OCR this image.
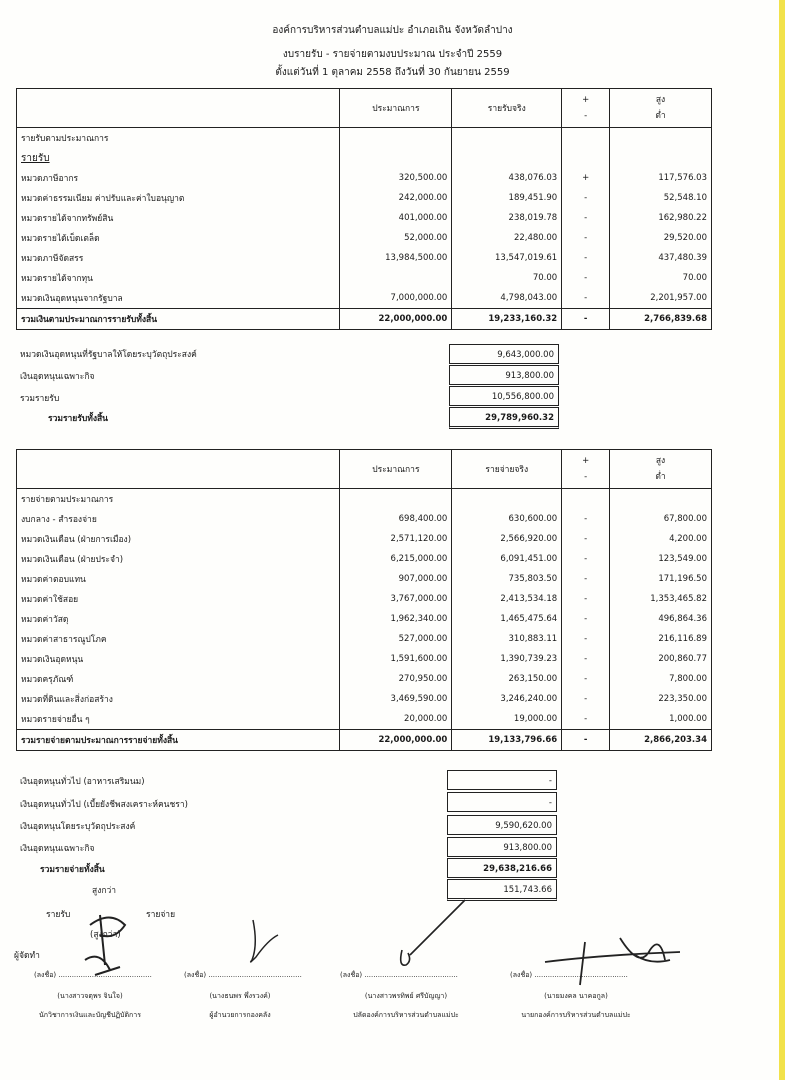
องค์การบริหารส่วนตำบลแม่ปะ อำเภอเถิน จังหวัดลำปาง
งบรายรับ - รายจ่ายตามงบประมาณ ประจำปี 2559
ตั้งแต่วันที่ 1 ตุลาคม 2558 ถึงวันที่ 30 กันยายน 2559
	ประมาณการ	รายรับจริง	+
-	สูง
ต่ำ

รายรับตามประมาณการ				
รายรับ				
หมวดภาษีอากร	320,500.00	438,076.03	+	117,576.03
หมวดค่าธรรมเนียม ค่าปรับและค่าใบอนุญาต	242,000.00	189,451.90	-	52,548.10
หมวดรายได้จากทรัพย์สิน	401,000.00	238,019.78	-	162,980.22
หมวดรายได้เบ็ดเตล็ด	52,000.00	22,480.00	-	29,520.00
หมวดภาษีจัดสรร	13,984,500.00	13,547,019.61	-	437,480.39
หมวดรายได้จากทุน		70.00	-	70.00
หมวดเงินอุดหนุนจากรัฐบาล	7,000,000.00	4,798,043.00	-	2,201,957.00
รวมเงินตามประมาณการรายรับทั้งสิ้น	22,000,000.00	19,233,160.32	-	2,766,839.68
หมวดเงินอุดหนุนที่รัฐบาลให้โดยระบุวัตถุประสงค์	9,643,000.00
เงินอุดหนุนเฉพาะกิจ	913,800.00
รวมรายรับ	10,556,800.00
รวมรายรับทั้งสิ้น	29,789,960.32
	ประมาณการ	รายจ่ายจริง	+
-	สูง
ต่ำ

รายจ่ายตามประมาณการ				
งบกลาง - สำรองจ่าย	698,400.00	630,600.00	-	67,800.00
หมวดเงินเดือน (ฝ่ายการเมือง)	2,571,120.00	2,566,920.00	-	4,200.00
หมวดเงินเดือน (ฝ่ายประจำ)	6,215,000.00	6,091,451.00	-	123,549.00
หมวดค่าตอบแทน	907,000.00	735,803.50	-	171,196.50
หมวดค่าใช้สอย	3,767,000.00	2,413,534.18	-	1,353,465.82
หมวดค่าวัสดุ	1,962,340.00	1,465,475.64	-	496,864.36
หมวดค่าสาธารณูปโภค	527,000.00	310,883.11	-	216,116.89
หมวดเงินอุดหนุน	1,591,600.00	1,390,739.23	-	200,860.77
หมวดครุภัณฑ์	270,950.00	263,150.00	-	7,800.00
หมวดที่ดินและสิ่งก่อสร้าง	3,469,590.00	3,246,240.00	-	223,350.00
หมวดรายจ่ายอื่น ๆ	20,000.00	19,000.00	-	1,000.00
รวมรายจ่ายตามประมาณการรายจ่ายทั้งสิ้น	22,000,000.00	19,133,796.66	-	2,866,203.34
เงินอุดหนุนทั่วไป (อาหารเสริมนม)	-
เงินอุดหนุนทั่วไป (เบี้ยยังชีพสงเคราะห์คนชรา)	-
เงินอุดหนุนโดยระบุวัตถุประสงค์	9,590,620.00
เงินอุดหนุนเฉพาะกิจ	913,800.00
รวมรายจ่ายทั้งสิ้น	29,638,216.66
สูงกว่า	151,743.66
รายรับ	รายจ่าย
(สูงกว่า)
ผู้จัดทำ
(ลงชื่อ) ..........................................
(นางสาวจตุพร จินใจ)
นักวิชาการเงินและบัญชีปฏิบัติการ
(ลงชื่อ) ..........................................
(นางธนพร พึ่งรวงค์)
ผู้อำนวยการกองคลัง
(ลงชื่อ) ..........................................
(นางสาวพรทิพย์ ศรีบัญญา)
ปลัดองค์การบริหารส่วนตำบลแม่ปะ
(ลงชื่อ) ..........................................
(นายมงคล นาคอกูล)
นายกองค์การบริหารส่วนตำบลแม่ปะ
